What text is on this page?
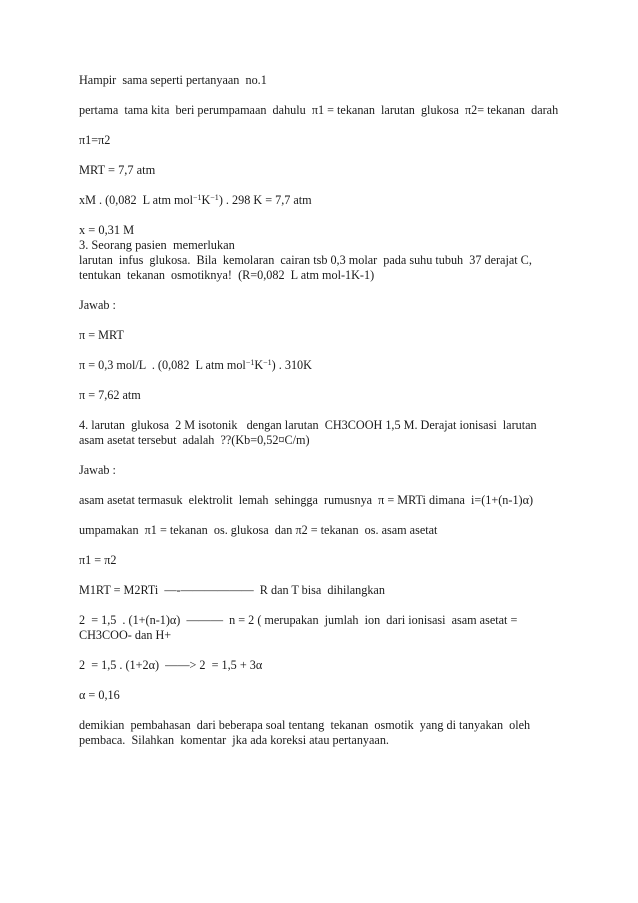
Hampir  sama seperti pertanyaan  no.1

pertama  tama kita  beri perumpamaan  dahulu  π1 = tekanan  larutan  glukosa  π2= tekanan  darah

π1=π2

MRT = 7,7 atm

xM . (0,082  L atm $mol^{-1}K^{-1}$) . 298 K = 7,7 atm

x = 0,31 M

3. Seorang pasien  memerlukan

larutan  infus  glukosa.  Bila  kemolaran  cairan tsb 0,3 molar  pada suhu tubuh  37 derajat C,

tentukan  tekanan  osmotiknya!  (R=0,082  L atm mol-1K-1)

Jawab :

π = MRT

π = 0,3 mol/L  . (0,082  L atm $mol^{-1}K^{-1}$) . 310K

π = 7,62 atm

4. larutan  glukosa  2 M isotonik   dengan larutan  CH3COOH 1,5 M. Derajat ionisasi  larutan

asam asetat tersebut  adalah  ??(Kb=0,52¤C/m)

Jawab :

asam asetat termasuk  elektrolit  lemah  sehingga  rumusnya  π = MRTi dimana  i=(1+(n-1)α)

umpamakan  π1 = tekanan  os. glukosa  dan π2 = tekanan  os. asam asetat

π1 = π2

M1RT = M2RTi  —-——————  R dan T bisa  dihilangkan

2  = 1,5  . (1+(n-1)α)  ———  n = 2 ( merupakan  jumlah  ion  dari ionisasi  asam asetat =

CH3COO- dan H+

2  = 1,5 . (1+2α)  ——> 2  = 1,5 + 3α

α = 0,16

demikian  pembahasan  dari beberapa soal tentang  tekanan  osmotik  yang di tanyakan  oleh

pembaca.  Silahkan  komentar  jka ada koreksi atau pertanyaan.
